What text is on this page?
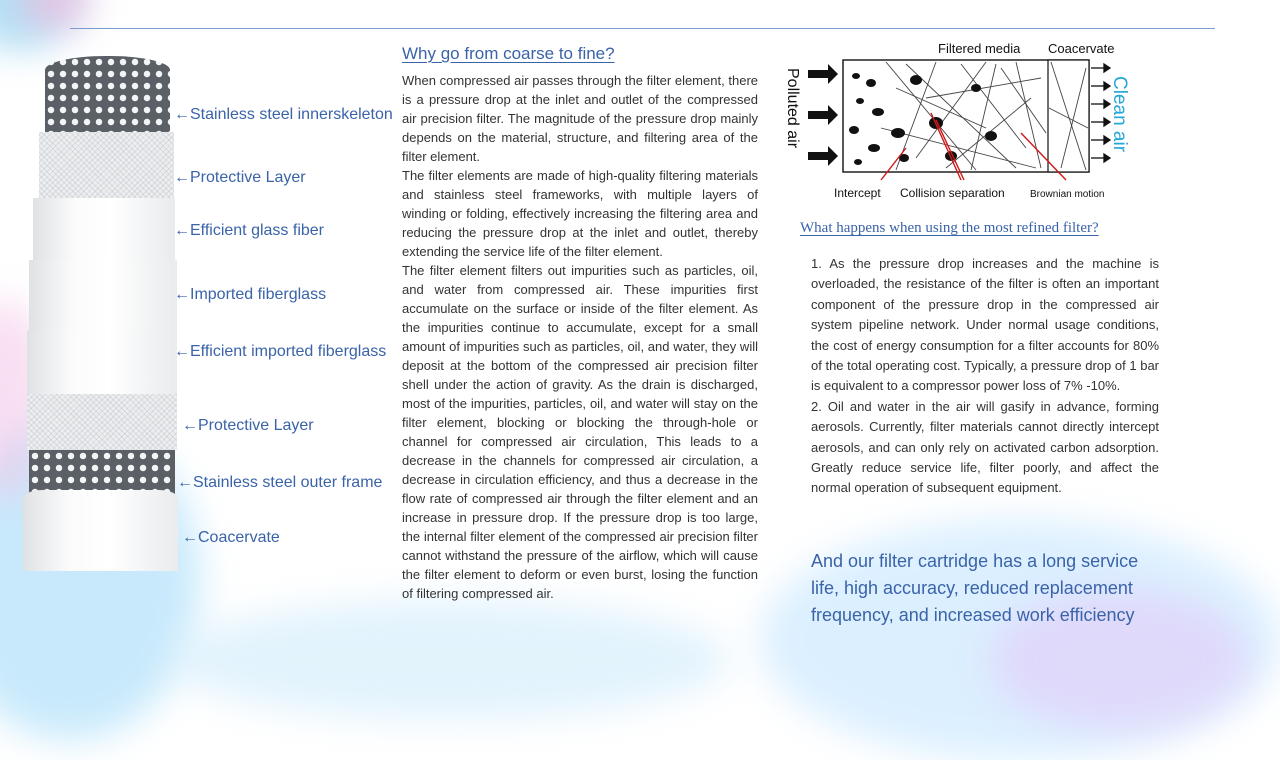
←Stainless steel innerskeleton
←Protective Layer
←Efficient glass fiber
←Imported fiberglass
←Efficient imported fiberglass
←Protective Layer
←Stainless steel outer frame
←Coacervate
Why go from coarse to fine?

When compressed air passes through the filter element, there is a pressure drop at the inlet and outlet of the compressed air precision filter. The magnitude of the pressure drop mainly depends on the material, structure, and filtering area of the filter element.

The filter elements are made of high-quality filtering materials and stainless steel frameworks, with multiple layers of winding or folding, effectively increasing the filtering area and reducing the pressure drop at the inlet and outlet, thereby extending the service life of the filter element.

The filter element filters out impurities such as particles, oil, and water from compressed air. These impurities first accumulate on the surface or inside of the filter element. As the impurities continue to accumulate, except for a small amount of impurities such as particles, oil, and water, they will deposit at the bottom of the compressed air precision filter shell under the action of gravity. As the drain is discharged, most of the impurities, particles, oil, and water will stay on the filter element, blocking or blocking the through-hole or channel for compressed air circulation, This leads to a decrease in the channels for compressed air circulation, a decrease in circulation efficiency, and thus a decrease in the flow rate of compressed air through the filter element and an increase in pressure drop. If the pressure drop is too large, the internal filter element of the compressed air precision filter cannot withstand the pressure of the airflow, which will cause the filter element to deform or even burst, losing the function of filtering compressed air.

Filtered media Coacervate
Polluted air	Clean air
Intercept Collision separation	Brownian motion
What happens when using the most refined filter?

1. As the pressure drop increases and the machine is overloaded, the resistance of the filter is often an important component of the pressure drop in the compressed air system pipeline network. Under normal usage conditions, the cost of energy consumption for a filter accounts for 80% of the total operating cost. Typically, a pressure drop of 1 bar is equivalent to a compressor power loss of 7% -10%.

2. Oil and water in the air will gasify in advance, forming aerosols. Currently, filter materials cannot directly intercept aerosols, and can only rely on activated carbon adsorption. Greatly reduce service life, filter poorly, and affect the normal operation of subsequent equipment.

And our filter cartridge has a long service life, high accuracy, reduced replacement frequency, and increased work efficiency
